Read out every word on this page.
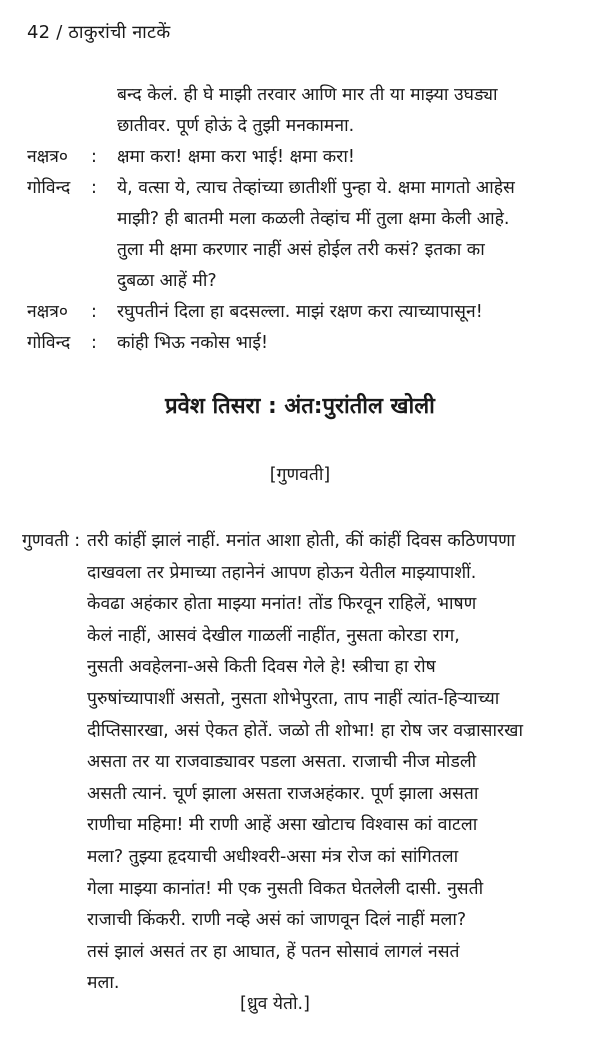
42 / ठाकुरांची नाटकें
बन्द केलं. ही घे माझी तरवार आणि मार ती या माझ्या उघड्या
छातीवर. पूर्ण होऊं दे तुझी मनकामना.
नक्षत्र० : क्षमा करा! क्षमा करा भाई! क्षमा करा!
गोविन्द : ये, वत्सा ये, त्याच तेव्हांच्या छातीशीं पुन्हा ये. क्षमा मागतो आहेस
माझी? ही बातमी मला कळली तेव्हांच मीं तुला क्षमा केली आहे.
तुला मी क्षमा करणार नाहीं असं होईल तरी कसं? इतका का
दुबळा आहें मी?
नक्षत्र० : रघुपतीनं दिला हा बदसल्ला. माझं रक्षण करा त्याच्यापासून!
गोविन्द : कांही भिऊ नकोस भाई!
प्रवेश तिसरा : अंत:पुरांतील खोली
[गुणवती]
गुणवती : तरी कांहीं झालं नाहीं. मनांत आशा होती, कीं कांहीं दिवस कठिणपणा
दाखवला तर प्रेमाच्या तहानेनं आपण होऊन येतील माझ्यापाशीं.
केवढा अहंकार होता माझ्या मनांत! तोंड फिरवून राहिलें, भाषण
केलं नाहीं, आसवं देखील गाळलीं नाहींत, नुसता कोरडा राग,
नुसती अवहेलना-असे किती दिवस गेले हे! स्त्रीचा हा रोष
पुरुषांच्यापाशीं असतो, नुसता शोभेपुरता, ताप नाहीं त्यांत-हिऱ्याच्या
दीप्तिसारखा, असं ऐकत होतें. जळो ती शोभा! हा रोष जर वज्रासारखा
असता तर या राजवाड्यावर पडला असता. राजाची नीज मोडली
असती त्यानं. चूर्ण झाला असता राजअहंकार. पूर्ण झाला असता
राणीचा महिमा! मी राणी आहें असा खोटाच विश्वास कां वाटला
मला? तुझ्या हृदयाची अधीश्वरी-असा मंत्र रोज कां सांगितला
गेला माझ्या कानांत! मी एक नुसती विकत घेतलेली दासी. नुसती
राजाची किंकरी. राणी नव्हे असं कां जाणवून दिलं नाहीं मला?
तसं झालं असतं तर हा आघात, हें पतन सोसावं लागलं नसतं
मला.
[ध्रुव येतो.]
